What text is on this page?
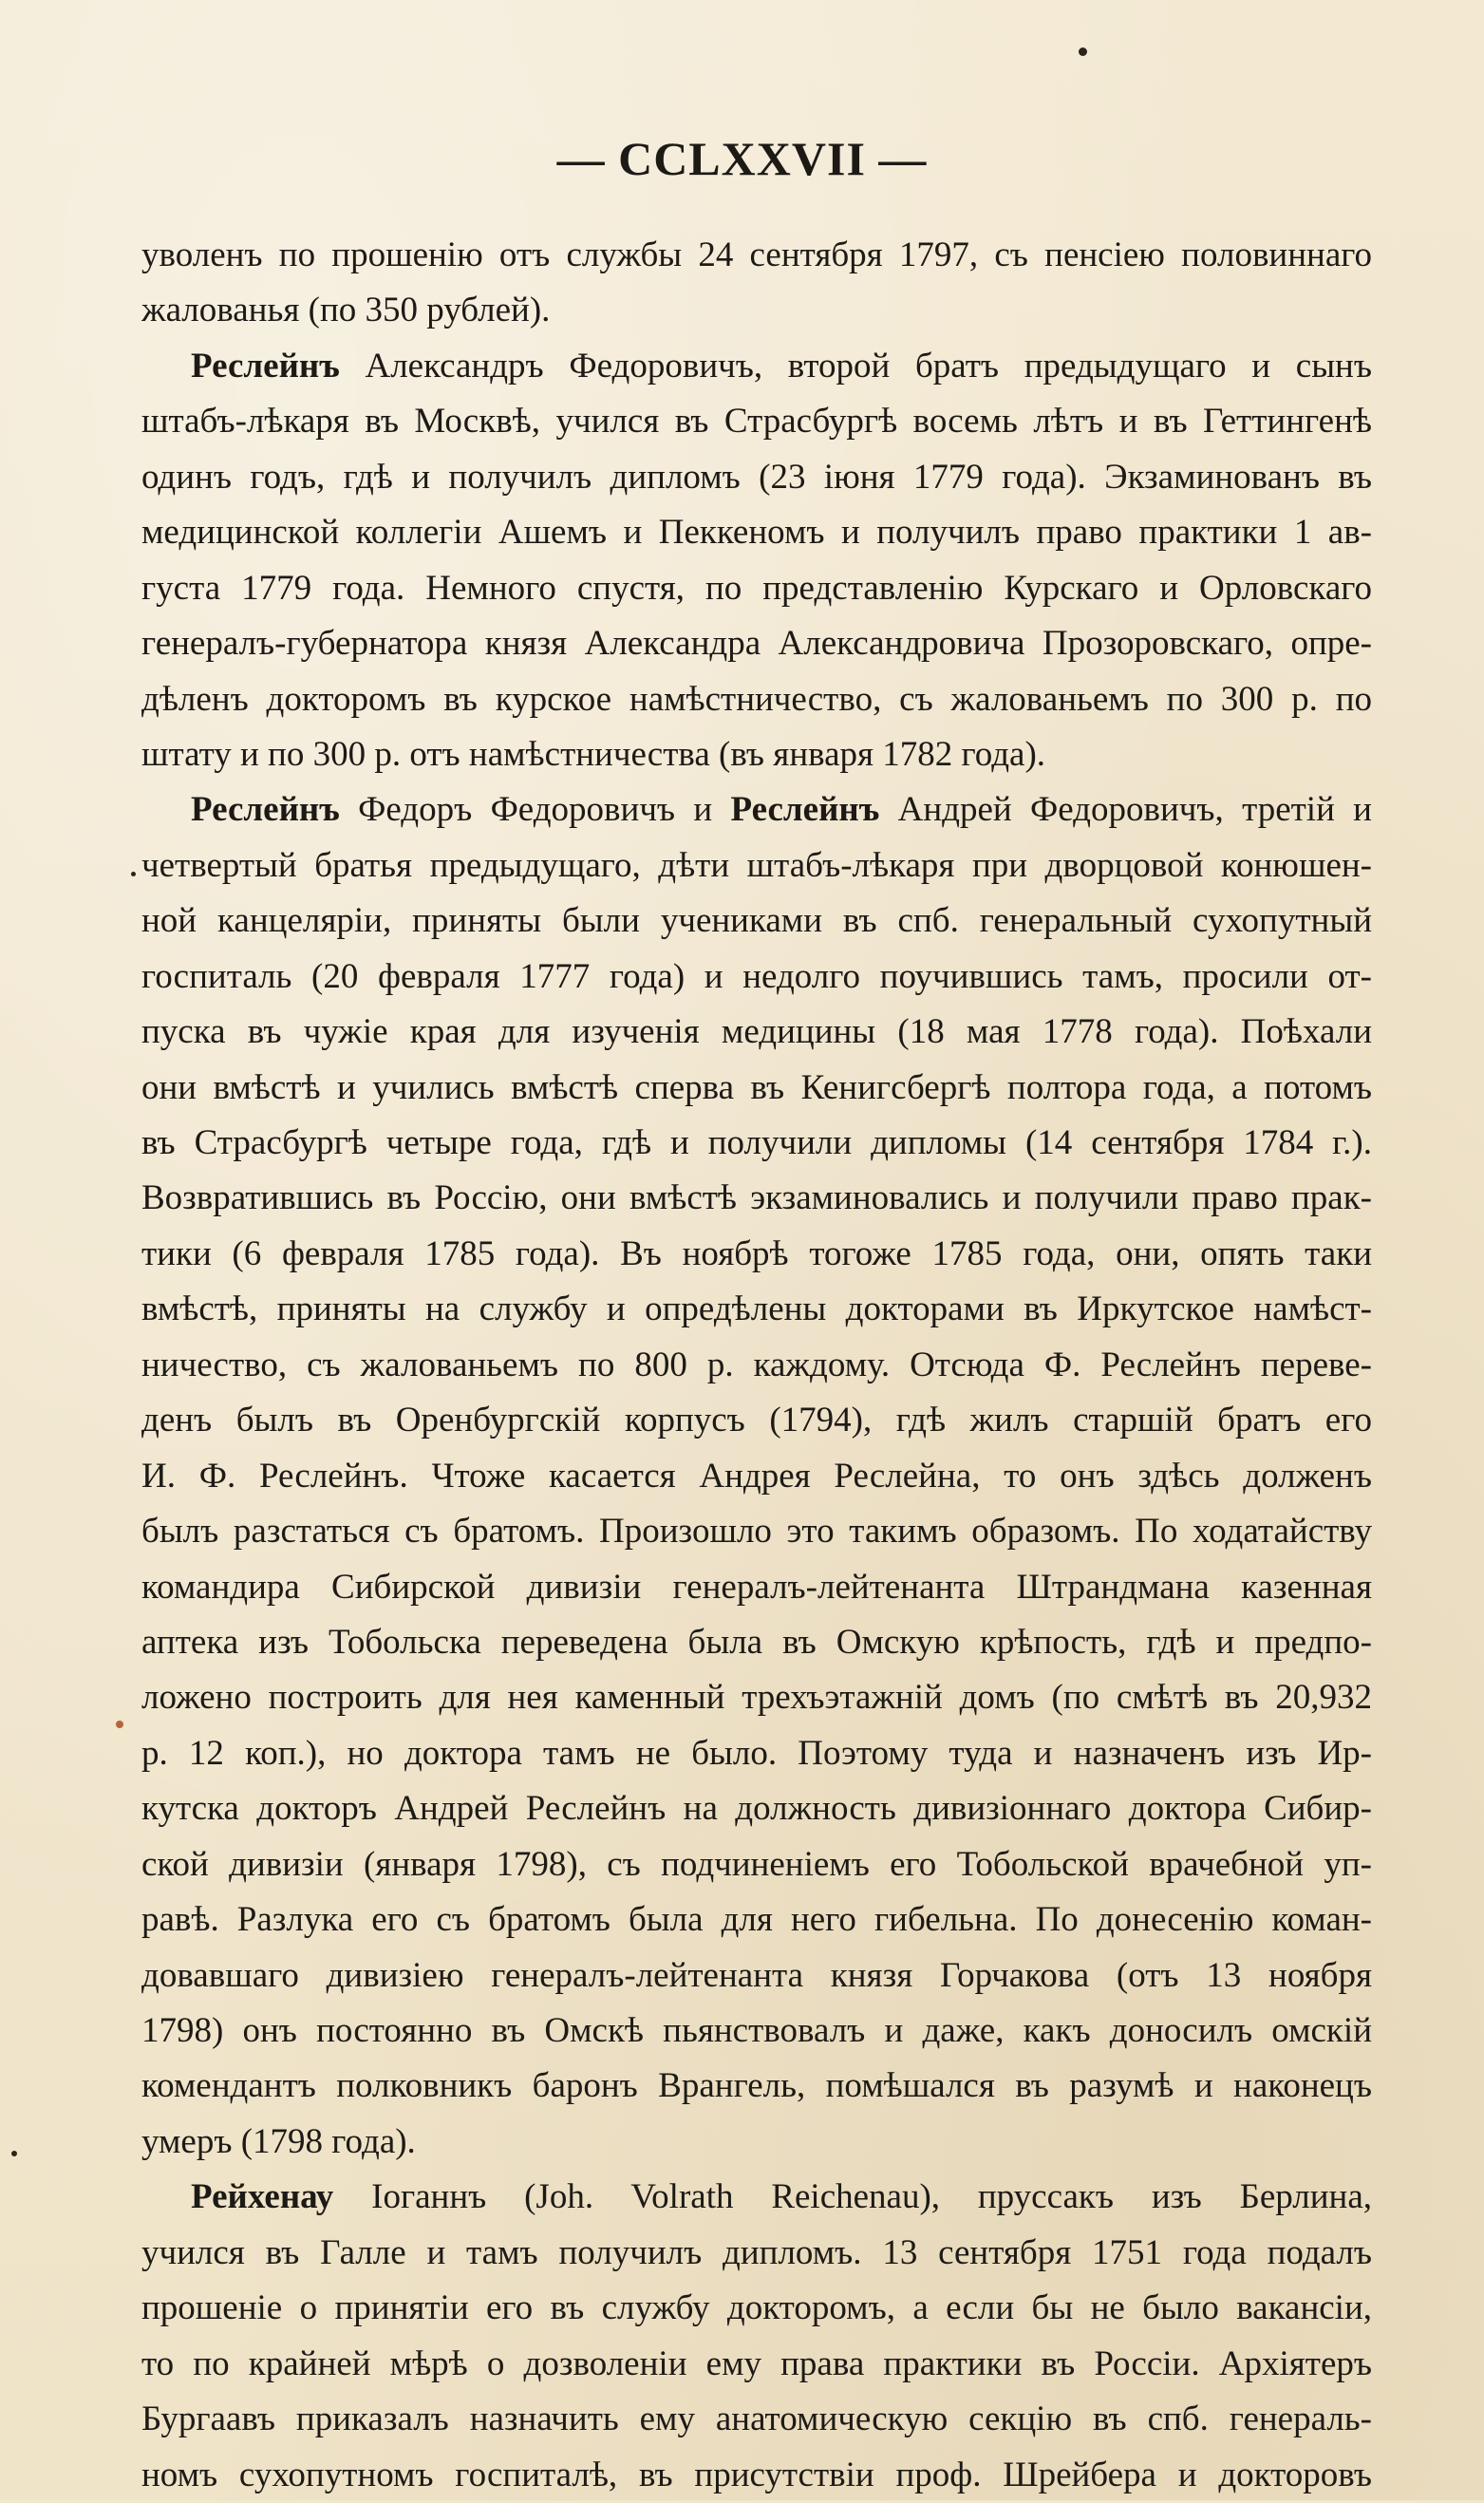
— CCLXXVII —
уволенъ по прошенію отъ службы 24 сентября 1797, съ пенсіею половиннаго
жалованья (по 350 рублей).
Реслейнъ Александръ Федоровичъ, второй братъ предыдущаго и сынъ
штабъ-лѣкаря въ Москвѣ, учился въ Страсбургѣ восемь лѣтъ и въ Геттингенѣ
одинъ годъ, гдѣ и получилъ дипломъ (23 іюня 1779 года). Экзаминованъ въ
медицинской коллегіи Ашемъ и Пеккеномъ и получилъ право практики 1 ав-
густа 1779 года. Немного спустя, по представленію Курскаго и Орловскаго
генералъ-губернатора князя Александра Александровича Прозоровскаго, опре-
дѣленъ докторомъ въ курское намѣстничество, съ жалованьемъ по 300 р. по
штату и по 300 р. отъ намѣстничества (въ января 1782 года).
Реслейнъ Федоръ Федоровичъ и Реслейнъ Андрей Федоровичъ, третій и
четвертый братья предыдущаго, дѣти штабъ-лѣкаря при дворцовой конюшен-
ной канцеляріи, приняты были учениками въ спб. генеральный сухопутный
госпиталь (20 февраля 1777 года) и недолго поучившись тамъ, просили от-
пуска въ чужіе края для изученія медицины (18 мая 1778 года). Поѣхали
они вмѣстѣ и учились вмѣстѣ сперва въ Кенигсбергѣ полтора года, а потомъ
въ Страсбургѣ четыре года, гдѣ и получили дипломы (14 сентября 1784 г.).
Возвратившись въ Россію, они вмѣстѣ экзаминовались и получили право прак-
тики (6 февраля 1785 года). Въ ноябрѣ тогоже 1785 года, они, опять таки
вмѣстѣ, приняты на службу и опредѣлены докторами въ Иркутское намѣст-
ничество, съ жалованьемъ по 800 р. каждому. Отсюда Ф. Реслейнъ переве-
денъ былъ въ Оренбургскій корпусъ (1794), гдѣ жилъ старшій братъ его
И. Ф. Реслейнъ. Чтоже касается Андрея Реслейна, то онъ здѣсь долженъ
былъ разстаться съ братомъ. Произошло это такимъ образомъ. По ходатайству
командира Сибирской дивизіи генералъ-лейтенанта Штрандмана казенная
аптека изъ Тобольска переведена была въ Омскую крѣпость, гдѣ и предпо-
ложено построить для нея каменный трехъэтажній домъ (по смѣтѣ въ 20,932
р. 12 коп.), но доктора тамъ не было. Поэтому туда и назначенъ изъ Ир-
кутска докторъ Андрей Реслейнъ на должность дивизіоннаго доктора Сибир-
ской дивизіи (января 1798), съ подчиненіемъ его Тобольской врачебной уп-
равѣ. Разлука его съ братомъ была для него гибельна. По донесенію коман-
довавшаго дивизіею генералъ-лейтенанта князя Горчакова (отъ 13 ноября
1798) онъ постоянно въ Омскѣ пьянствовалъ и даже, какъ доносилъ омскій
комендантъ полковникъ баронъ Врангель, помѣшался въ разумѣ и наконецъ
умеръ (1798 года).
Рейхенау Іоганнъ (Joh. Volrath Reichenau), пруссакъ изъ Берлина,
учился въ Галле и тамъ получилъ дипломъ. 13 сентября 1751 года подалъ
прошеніе о принятіи его въ службу докторомъ, а если бы не было вакансіи,
то по крайней мѣрѣ о дозволеніи ему права практики въ Россіи. Архіятеръ
Бургаавъ приказалъ назначить ему анатомическую секцію въ спб. генераль-
номъ сухопутномъ госпиталѣ, въ присутствіи проф. Шрейбера и докторовъ
